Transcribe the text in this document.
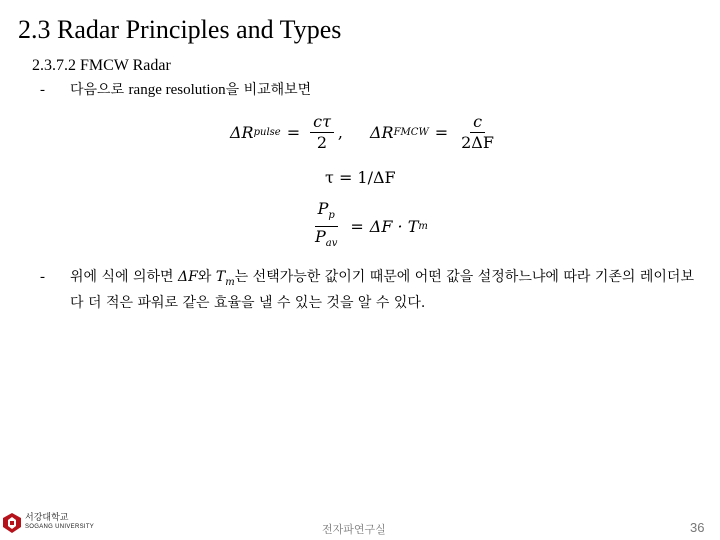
2.3 Radar Principles and Types
2.3.7.2 FMCW Radar
-	다음으로 range resolution을 비교해보면
ΔR pulse = $\frac{c\tau}{2}$ , ΔR FMCW = $\frac{c}{2\Delta F}$
τ = 1/ΔF
$\frac{P_p}{P_{av}} = \Delta F \cdot T$ m
-	위에 식에 의하면 ΔF와 $T_m$는 선택가능한 값이기 때문에 어떤 값을 설정하느냐에 따라 기존의 레이더보다 더 적은 파워로 같은 효율을 낼 수 있는 것을 알 수 있다.
서강대학교
SOGANG UNIVERSITY	전자파연구실	36
